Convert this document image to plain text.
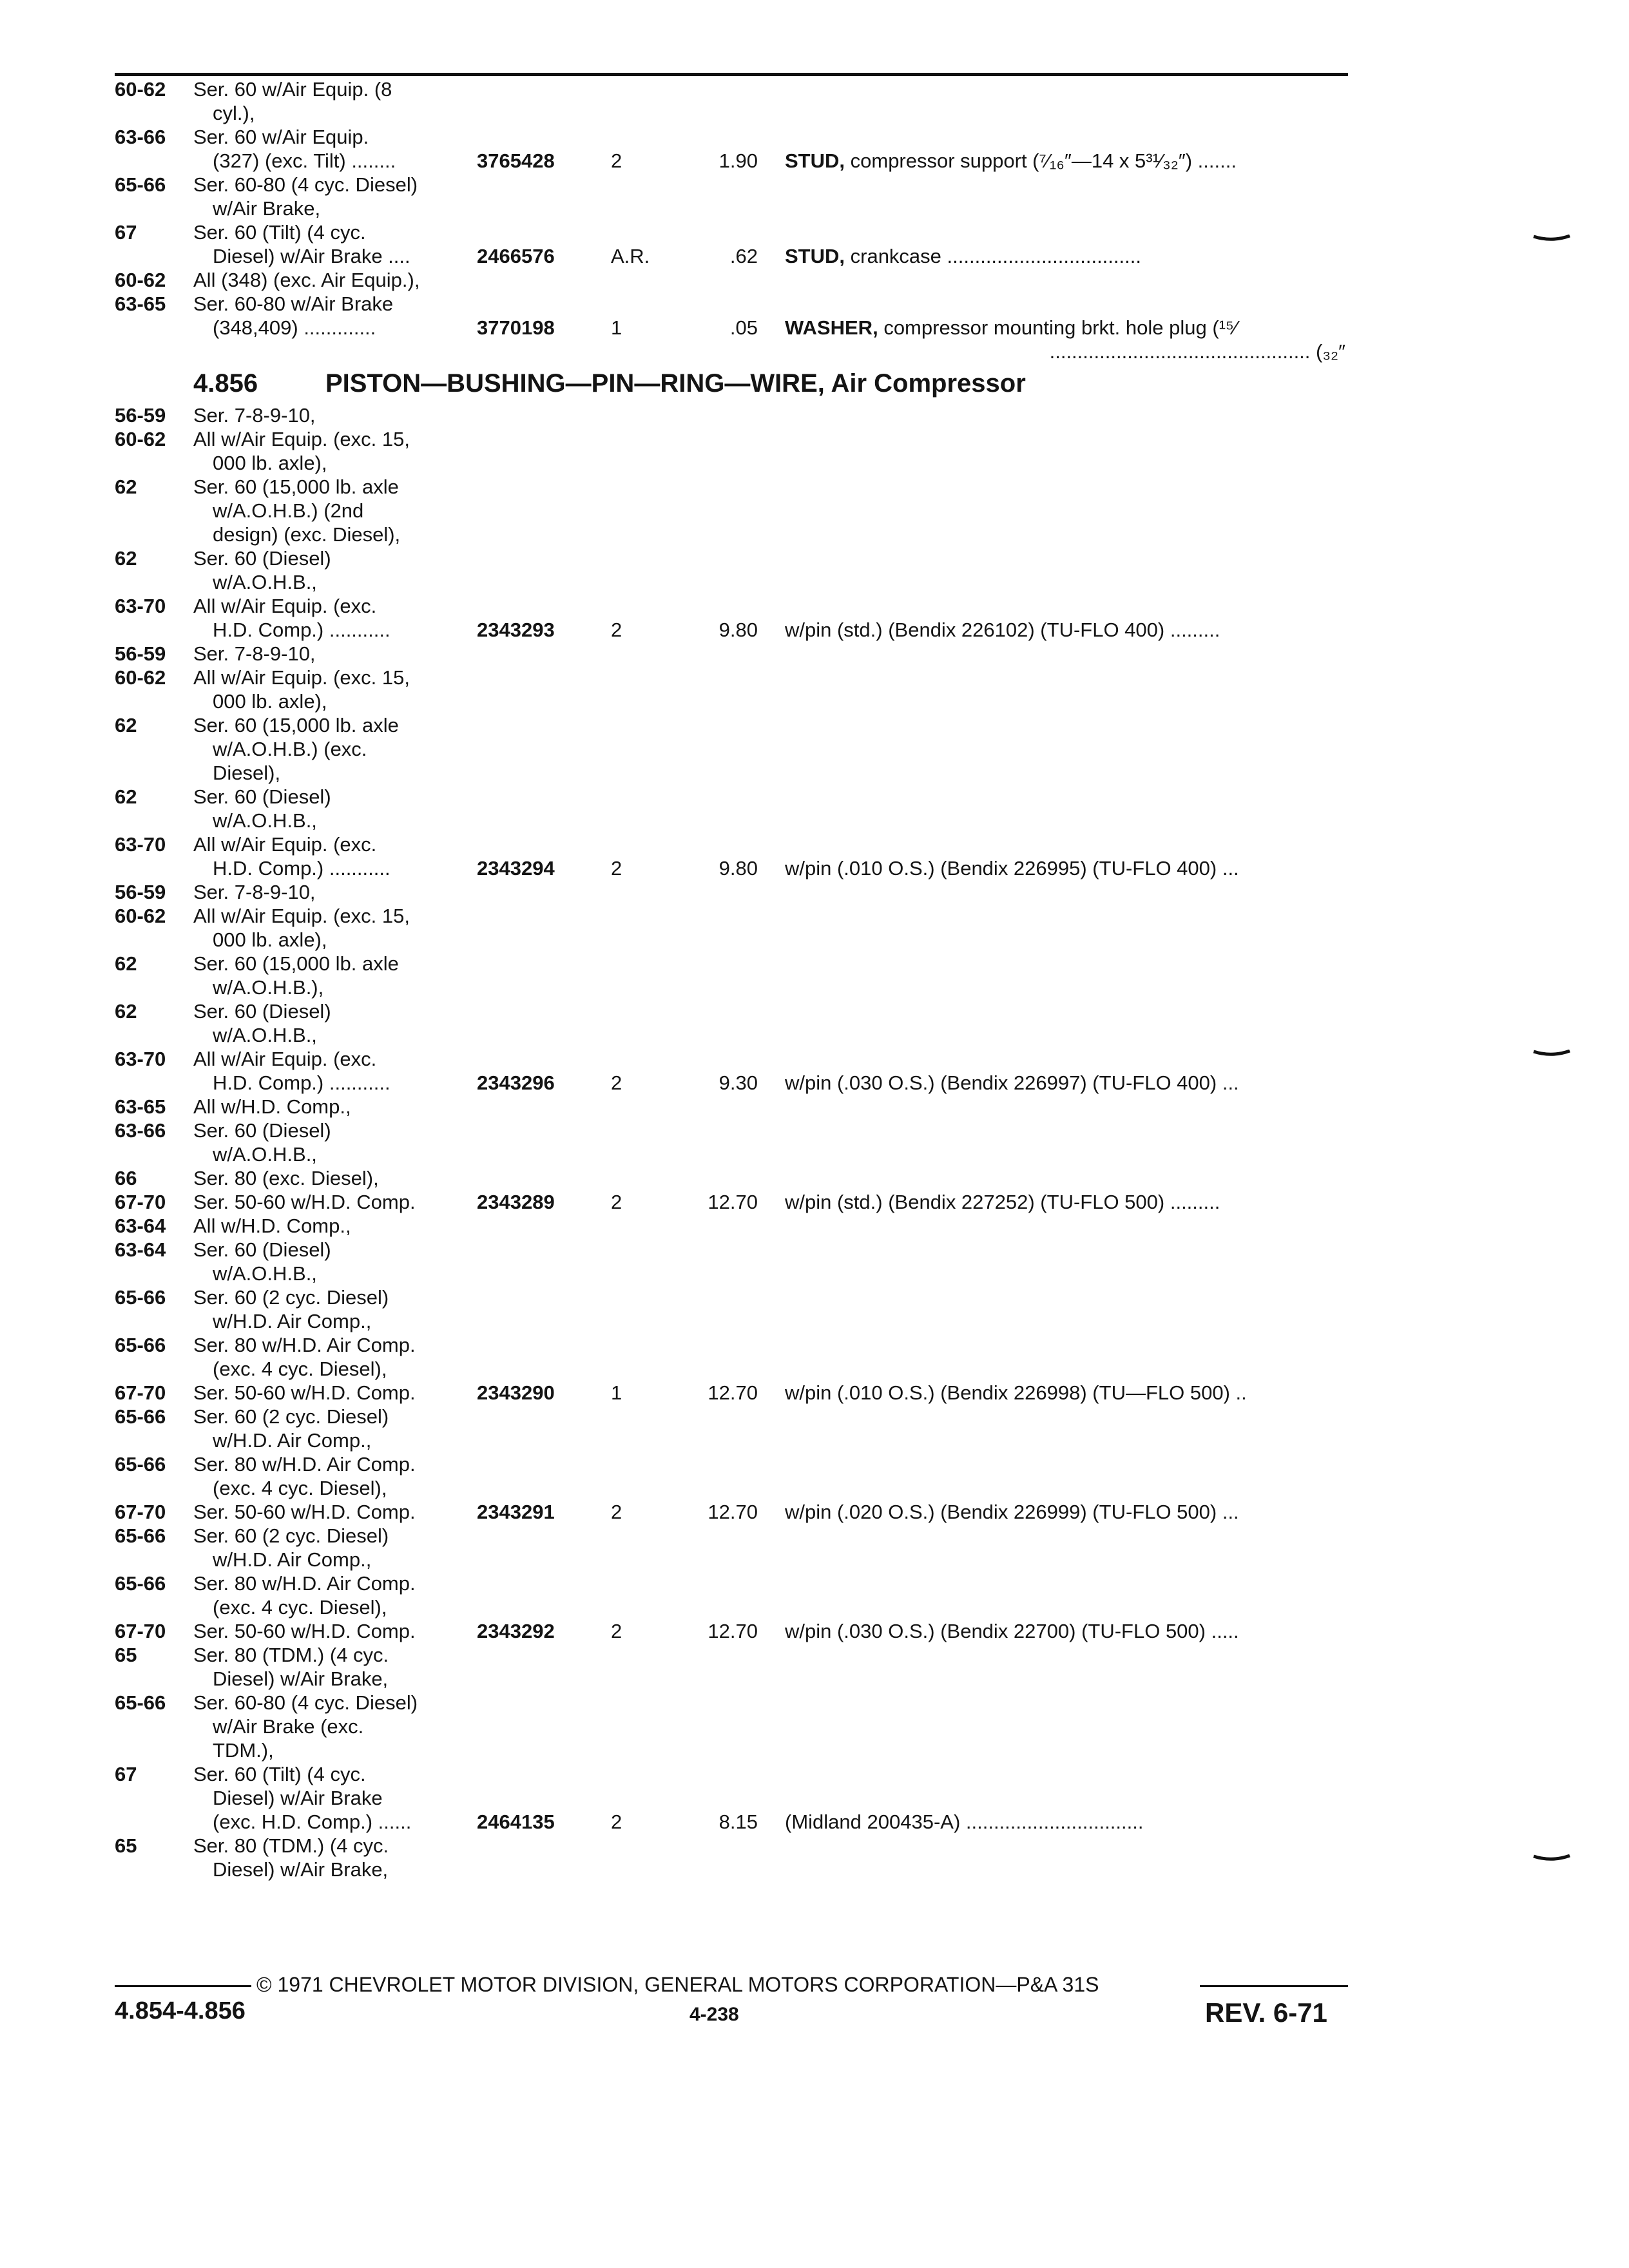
60-62 Ser. 60 w/Air Equip. (8
cyl.),
63-66 Ser. 60 w/Air Equip.
(327) (exc. Tilt) ........	3765428	2	1.90 STUD, compressor support (⁷⁄₁₆″—14 x 5³¹⁄₃₂″) .......
65-66 Ser. 60-80 (4 cyc. Diesel)
w/Air Brake,
67	Ser. 60 (Tilt) (4 cyc.
Diesel) w/Air Brake ....	2466576	A.R.	.62 STUD, crankcase ...................................
60-62 All (348) (exc. Air Equip.),
63-65 Ser. 60-80 w/Air Brake
(348,409) .............	3770198	1	.05 WASHER, compressor mounting brkt. hole plug (¹⁵⁄
₃₂″) ...............................................
4.856	PISTON—BUSHING—PIN—RING—WIRE, Air Compressor
56-59 Ser. 7-8-9-10,
60-62 All w/Air Equip. (exc. 15,
000 lb. axle),
62	Ser. 60 (15,000 lb. axle
w/A.O.H.B.) (2nd
design) (exc. Diesel),
62	Ser. 60 (Diesel)
w/A.O.H.B.,
63-70 All w/Air Equip. (exc.
H.D. Comp.) ...........	2343293	2	9.80 w/pin (std.) (Bendix 226102) (TU-FLO 400) .........
56-59 Ser. 7-8-9-10,
60-62 All w/Air Equip. (exc. 15,
000 lb. axle),
62	Ser. 60 (15,000 lb. axle
w/A.O.H.B.) (exc.
Diesel),
62	Ser. 60 (Diesel)
w/A.O.H.B.,
63-70 All w/Air Equip. (exc.
H.D. Comp.) ...........	2343294	2	9.80 w/pin (.010 O.S.) (Bendix 226995) (TU-FLO 400) ...
56-59 Ser. 7-8-9-10,
60-62 All w/Air Equip. (exc. 15,
000 lb. axle),
62	Ser. 60 (15,000 lb. axle
w/A.O.H.B.),
62	Ser. 60 (Diesel)
w/A.O.H.B.,
63-70 All w/Air Equip. (exc.
H.D. Comp.) ...........	2343296	2	9.30 w/pin (.030 O.S.) (Bendix 226997) (TU-FLO 400) ...
63-65 All w/H.D. Comp.,
63-66 Ser. 60 (Diesel)
w/A.O.H.B.,
66	Ser. 80 (exc. Diesel),
67-70 Ser. 50-60 w/H.D. Comp.	2343289	2	12.70 w/pin (std.) (Bendix 227252) (TU-FLO 500) .........
63-64 All w/H.D. Comp.,
63-64 Ser. 60 (Diesel)
w/A.O.H.B.,
65-66 Ser. 60 (2 cyc. Diesel)
w/H.D. Air Comp.,
65-66 Ser. 80 w/H.D. Air Comp.
(exc. 4 cyc. Diesel),
67-70 Ser. 50-60 w/H.D. Comp.	2343290	1	12.70 w/pin (.010 O.S.) (Bendix 226998) (TU—FLO 500) ..
65-66 Ser. 60 (2 cyc. Diesel)
w/H.D. Air Comp.,
65-66 Ser. 80 w/H.D. Air Comp.
(exc. 4 cyc. Diesel),
67-70 Ser. 50-60 w/H.D. Comp.	2343291	2	12.70 w/pin (.020 O.S.) (Bendix 226999) (TU-FLO 500) ...
65-66 Ser. 60 (2 cyc. Diesel)
w/H.D. Air Comp.,
65-66 Ser. 80 w/H.D. Air Comp.
(exc. 4 cyc. Diesel),
67-70 Ser. 50-60 w/H.D. Comp.	2343292	2	12.70 w/pin (.030 O.S.) (Bendix 22700) (TU-FLO 500) .....
65	Ser. 80 (TDM.) (4 cyc.
Diesel) w/Air Brake,
65-66 Ser. 60-80 (4 cyc. Diesel)
w/Air Brake (exc.
TDM.),
67	Ser. 60 (Tilt) (4 cyc.
Diesel) w/Air Brake
(exc. H.D. Comp.) ......	2464135	2	8.15 (Midland 200435-A) ................................
65	Ser. 80 (TDM.) (4 cyc.
Diesel) w/Air Brake,
© 1971 CHEVROLET MOTOR DIVISION, GENERAL MOTORS CORPORATION—P&A 31S
4.854-4.856	4-238	REV. 6-71
